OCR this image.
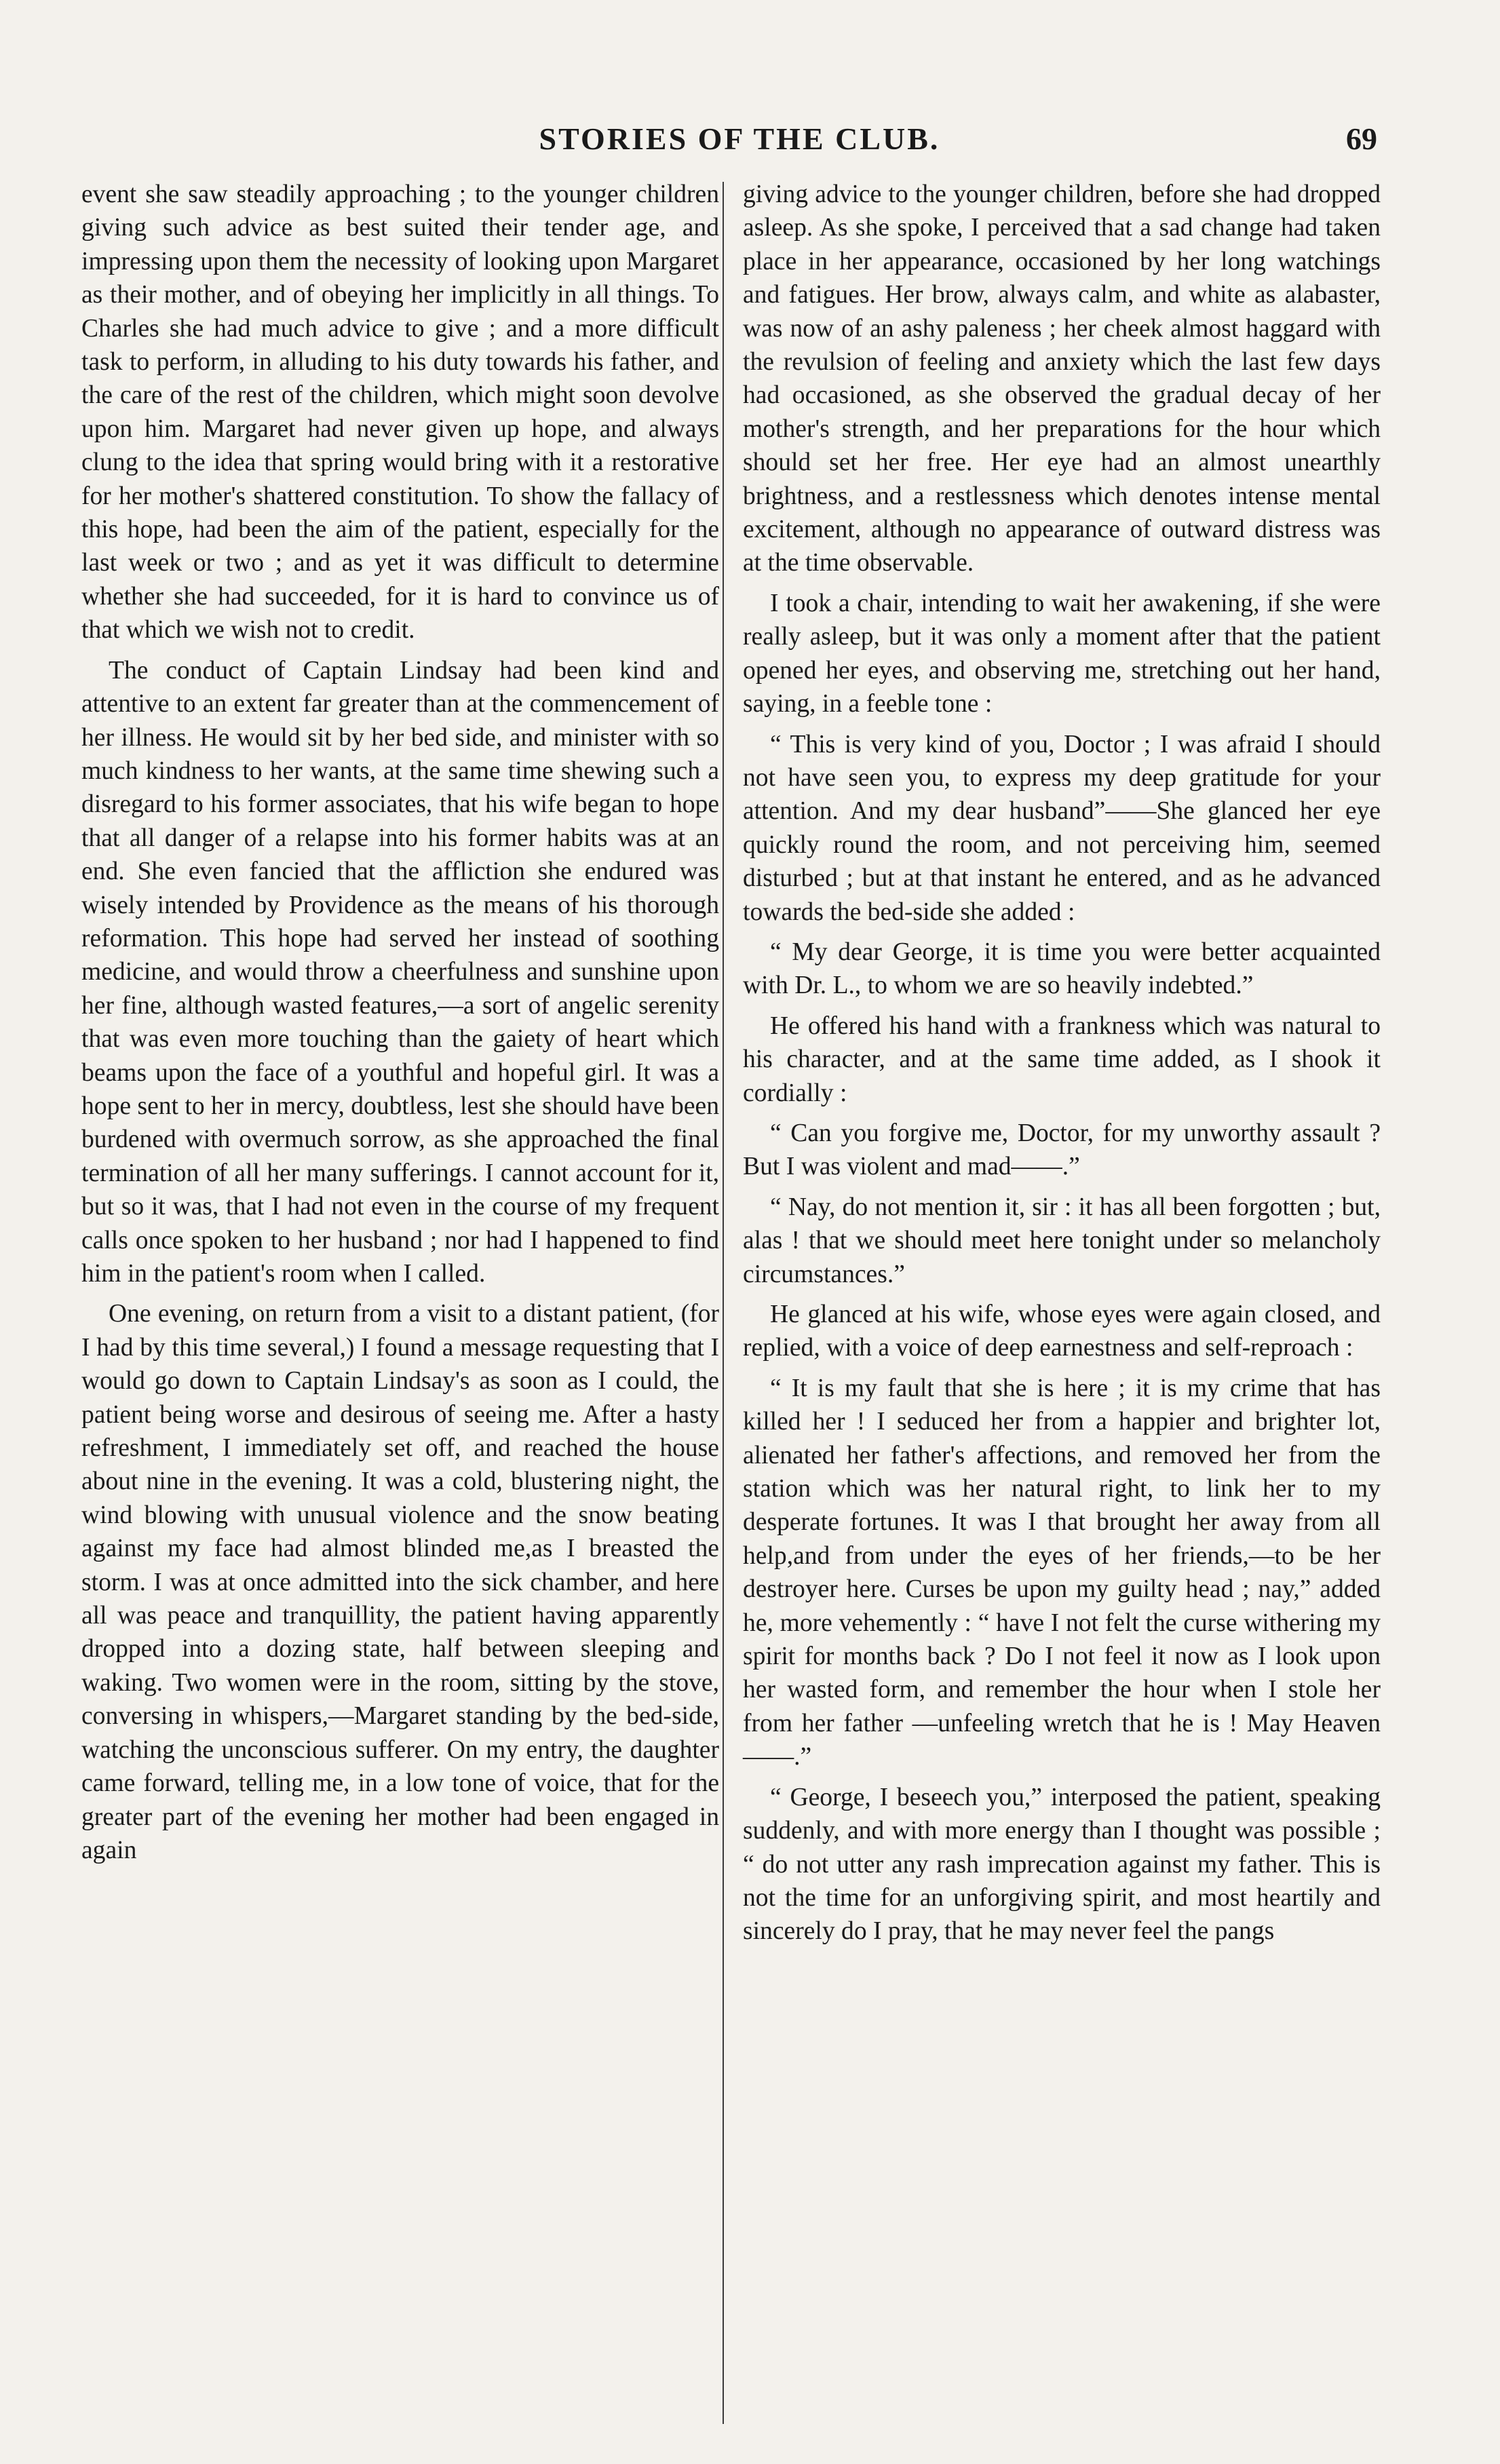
STORIES OF THE CLUB.	69

event she saw steadily approaching ; to the younger children giving such advice as best suited their tender age, and impressing upon them the necessity of looking upon Margaret as their mother, and of obeying her implicitly in all things. To Charles she had much advice to give ; and a more difficult task to perform, in alluding to his duty towards his father, and the care of the rest of the children, which might soon devolve upon him. Margaret had never given up hope, and always clung to the idea that spring would bring with it a restorative for her mother's shattered constitution. To show the fallacy of this hope, had been the aim of the patient, especially for the last week or two ; and as yet it was difficult to determine whether she had succeeded, for it is hard to convince us of that which we wish not to credit.

The conduct of Captain Lindsay had been kind and attentive to an extent far greater than at the commencement of her illness. He would sit by her bed side, and minister with so much kindness to her wants, at the same time shewing such a disregard to his former associates, that his wife began to hope that all danger of a relapse into his former habits was at an end. She even fancied that the affliction she endured was wisely intended by Providence as the means of his thorough reformation. This hope had served her instead of soothing medicine, and would throw a cheerfulness and sunshine upon her fine, although wasted features,—a sort of angelic serenity that was even more touching than the gaiety of heart which beams upon the face of a youthful and hopeful girl. It was a hope sent to her in mercy, doubtless, lest she should have been burdened with overmuch sorrow, as she approached the final termination of all her many sufferings. I cannot account for it, but so it was, that I had not even in the course of my frequent calls once spoken to her husband ; nor had I happened to find him in the patient's room when I called.

One evening, on return from a visit to a distant patient, (for I had by this time several,) I found a message requesting that I would go down to Captain Lindsay's as soon as I could, the patient being worse and desirous of seeing me. After a hasty refreshment, I immediately set off, and reached the house about nine in the evening. It was a cold, blustering night, the wind blowing with unusual violence and the snow beating against my face had almost blinded me,as I breasted the storm. I was at once admitted into the sick chamber, and here all was peace and tranquillity, the patient having apparently dropped into a dozing state, half between sleeping and waking. Two women were in the room, sitting by the stove, conversing in whispers,—Margaret standing by the bed-side, watching the unconscious sufferer. On my entry, the daughter came forward, telling me, in a low tone of voice, that for the greater part of the evening her mother had been engaged in again

giving advice to the younger children, before she had dropped asleep. As she spoke, I perceived that a sad change had taken place in her appearance, occasioned by her long watchings and fatigues. Her brow, always calm, and white as alabaster, was now of an ashy paleness ; her cheek almost haggard with the revulsion of feeling and anxiety which the last few days had occasioned, as she observed the gradual decay of her mother's strength, and her preparations for the hour which should set her free. Her eye had an almost unearthly brightness, and a restlessness which denotes intense mental excitement, although no appearance of outward distress was at the time observable.

I took a chair, intending to wait her awakening, if she were really asleep, but it was only a moment after that the patient opened her eyes, and observing me, stretching out her hand, saying, in a feeble tone :

“ This is very kind of you, Doctor ; I was afraid I should not have seen you, to express my deep gratitude for your attention. And my dear husband”——She glanced her eye quickly round the room, and not perceiving him, seemed disturbed ; but at that instant he entered, and as he advanced towards the bed-side she added :

“ My dear George, it is time you were better acquainted with Dr. L., to whom we are so heavily indebted.”

He offered his hand with a frankness which was natural to his character, and at the same time added, as I shook it cordially :

“ Can you forgive me, Doctor, for my unworthy assault ? But I was violent and mad——.”

“ Nay, do not mention it, sir : it has all been forgotten ; but, alas ! that we should meet here tonight under so melancholy circumstances.”

He glanced at his wife, whose eyes were again closed, and replied, with a voice of deep earnestness and self-reproach :

“ It is my fault that she is here ; it is my crime that has killed her ! I seduced her from a happier and brighter lot, alienated her father's affections, and removed her from the station which was her natural right, to link her to my desperate fortunes. It was I that brought her away from all help,and from under the eyes of her friends,—to be her destroyer here. Curses be upon my guilty head ; nay,” added he, more vehemently : “ have I not felt the curse withering my spirit for months back ? Do I not feel it now as I look upon her wasted form, and remember the hour when I stole her from her father —unfeeling wretch that he is ! May Heaven——.”

“ George, I beseech you,” interposed the patient, speaking suddenly, and with more energy than I thought was possible ; “ do not utter any rash imprecation against my father. This is not the time for an unforgiving spirit, and most heartily and sincerely do I pray, that he may never feel the pangs
